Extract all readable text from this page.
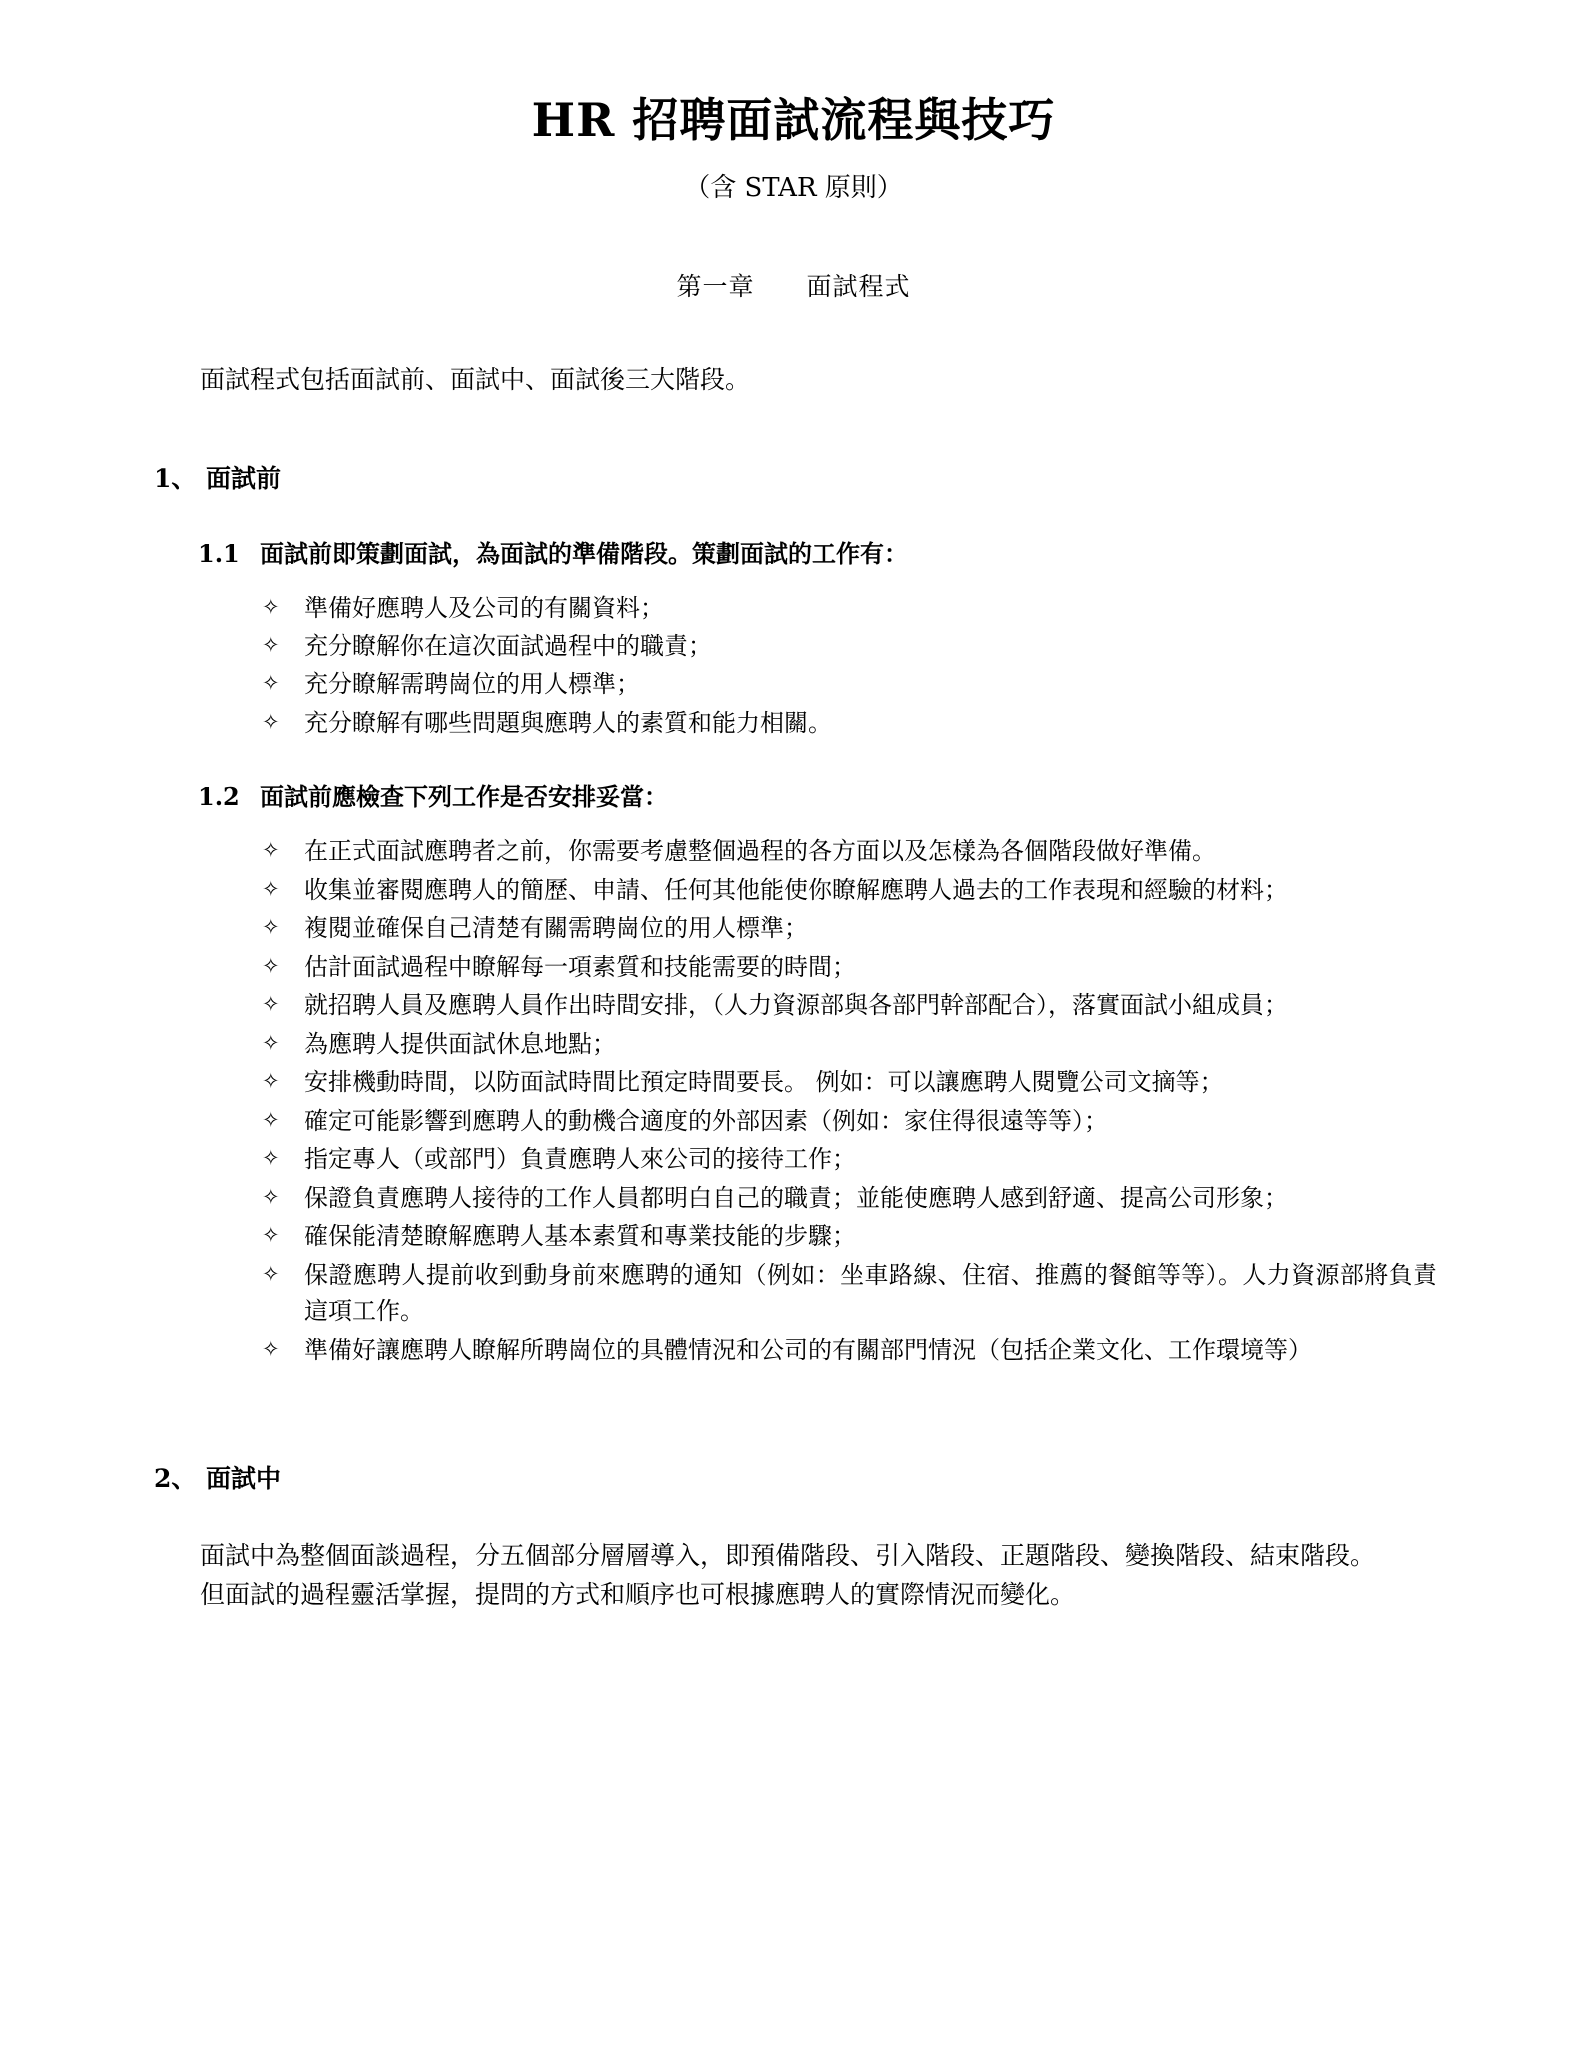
HR 招聘面試流程與技巧
（含 STAR 原則）
第一章　　面試程式

面試程式包括面試前、面試中、面試後三大階段。

1、 面試前
1.1 面試前即策劃面試，為面試的準備階段。策劃面試的工作有：
✧	準備好應聘人及公司的有關資料；
✧	充分瞭解你在這次面試過程中的職責；
✧	充分瞭解需聘崗位的用人標準；
✧	充分瞭解有哪些問題與應聘人的素質和能力相關。
1.2 面試前應檢查下列工作是否安排妥當：
✧	在正式面試應聘者之前，你需要考慮整個過程的各方面以及怎樣為各個階段做好準備。
✧	收集並審閱應聘人的簡歷、申請、任何其他能使你瞭解應聘人過去的工作表現和經驗的材料；
✧	複閱並確保自己清楚有關需聘崗位的用人標準；
✧	估計面試過程中瞭解每一項素質和技能需要的時間；
✧	就招聘人員及應聘人員作出時間安排，（人力資源部與各部門幹部配合），落實面試小組成員；
✧	為應聘人提供面試休息地點；
✧	安排機動時間，以防面試時間比預定時間要長。 例如：可以讓應聘人閱覽公司文摘等；
✧	確定可能影響到應聘人的動機合適度的外部因素（例如：家住得很遠等等）；
✧	指定專人（或部門）負責應聘人來公司的接待工作；
✧	保證負責應聘人接待的工作人員都明白自己的職責；並能使應聘人感到舒適、提高公司形象；
✧	確保能清楚瞭解應聘人基本素質和專業技能的步驟；
✧	保證應聘人提前收到動身前來應聘的通知（例如：坐車路線、住宿、推薦的餐館等等）。人力資源部將負責這項工作。
✧	準備好讓應聘人瞭解所聘崗位的具體情況和公司的有關部門情況（包括企業文化、工作環境等）
2、 面試中

面試中為整個面談過程，分五個部分層層導入，即預備階段、引入階段、正題階段、變換階段、結束階段。

但面試的過程靈活掌握，提問的方式和順序也可根據應聘人的實際情況而變化。
